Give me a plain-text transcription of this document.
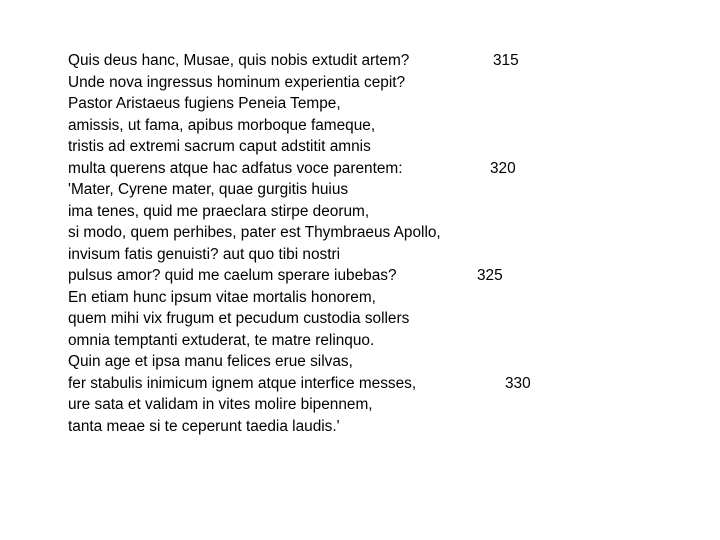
Quis deus hanc, Musae, quis nobis extudit artem?
Unde nova ingressus hominum experientia cepit?
Pastor Aristaeus fugiens Peneia Tempe,
amissis, ut fama, apibus morboque fameque,
tristis ad extremi sacrum caput adstitit amnis
multa querens atque hac adfatus voce parentem:
'Mater, Cyrene mater, quae gurgitis huius
ima tenes, quid me praeclara stirpe deorum,
si modo, quem perhibes, pater est Thymbraeus Apollo,
invisum fatis genuisti? aut quo tibi nostri
pulsus amor? quid me caelum sperare iubebas?
En etiam hunc ipsum vitae mortalis honorem,
quem mihi vix frugum et pecudum custodia sollers
omnia temptanti extuderat, te matre relinquo.
Quin age et ipsa manu felices erue silvas,
fer stabulis inimicum ignem atque interfice messes,
ure sata et validam in vites molire bipennem,
tanta meae si te ceperunt taedia laudis.'
315
320
325
330
